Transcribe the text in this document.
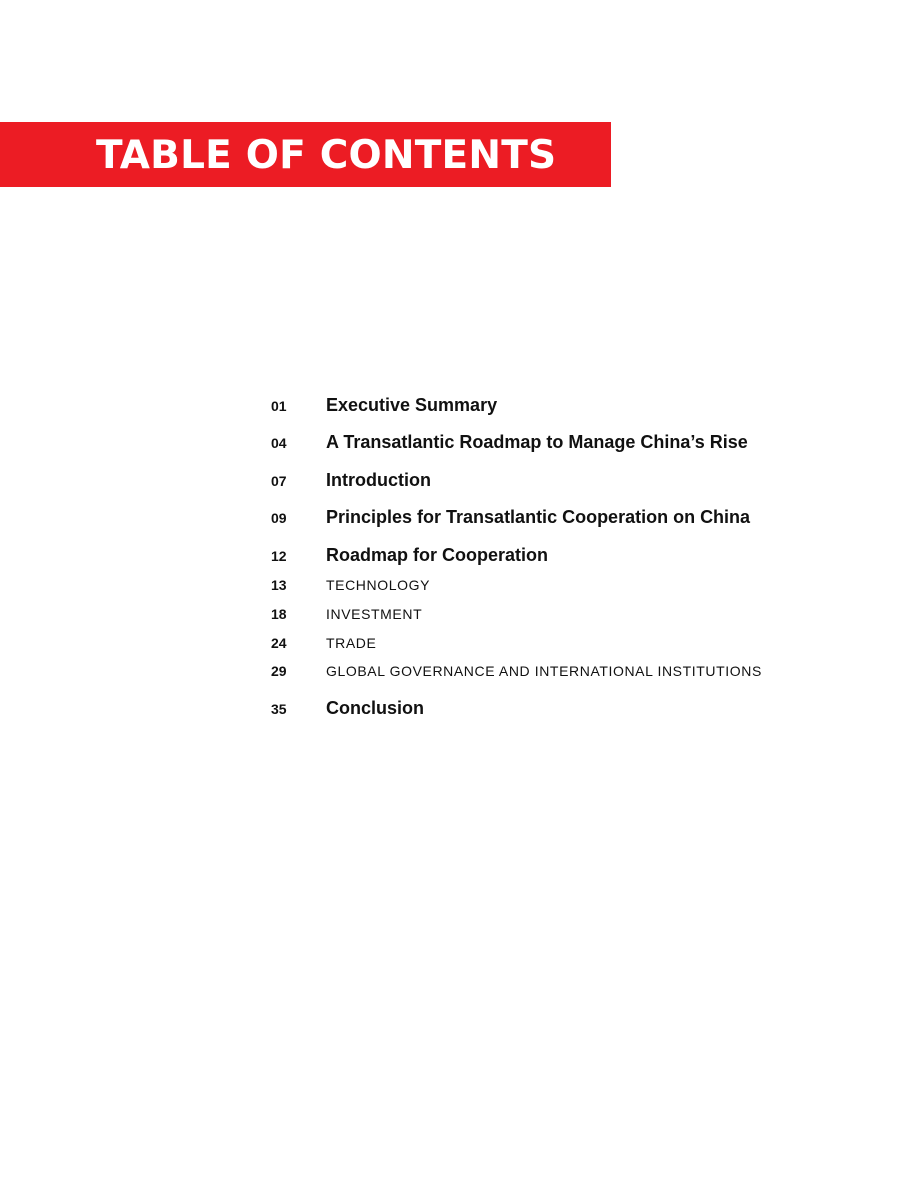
TABLE OF CONTENTS
01 Executive Summary
04 A Transatlantic Roadmap to Manage China’s Rise
07 Introduction
09 Principles for Transatlantic Cooperation on China
12 Roadmap for Cooperation
13	TECHNOLOGY
18	INVESTMENT
24	TRADE
29	GLOBAL GOVERNANCE AND INTERNATIONAL INSTITUTIONS
35 Conclusion
